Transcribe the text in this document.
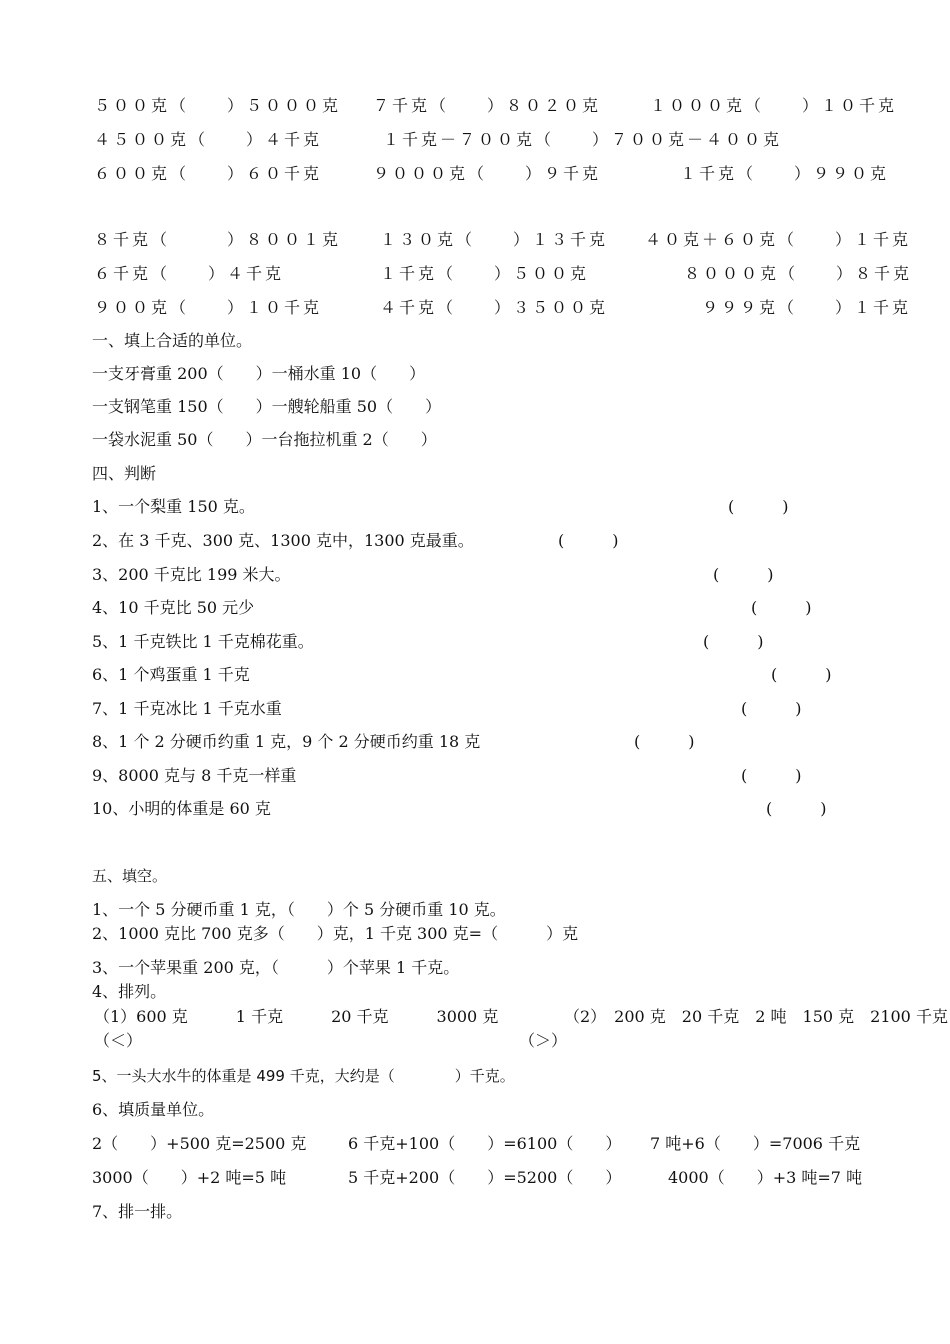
５００克（　　）５０００克 ７千克（　　）８０２０克	１０００克（　　）１０千克
４５００克（　　）４千克	１千克－７００克（　　）７００克－４００克
６００克（　　）６０千克	９０００克（　　）９千克	１千克（　　）９９０克
８千克（　　　）８００１克 １３０克（　　）１３千克 ４０克＋６０克（　　）１千克
６千克（　　）４千克	１千克（　　）５００克	８０００克（　　）８千克
９００克（　　）１０千克	４千克（　　）３５００克	９９９克（　　）１千克
一、填上合适的单位。
一支牙膏重 200（　　）一桶水重 10（　　）
一支钢笔重 150（　　）一艘轮船重 50（　　）
一袋水泥重 50（　　）一台拖拉机重 2（　　）
四、判断
1、一个梨重 150 克。	(　　　)
2、在 3 千克、300 克、1300 克中，1300 克最重。	(　　　)
3、200 千克比 199 米大。	(　　　)
4、10 千克比 50 元少	(　　　)
5、1 千克铁比 1 千克棉花重。	(　　　)
6、1 个鸡蛋重 1 千克	(　　　)
7、1 千克冰比 1 千克水重	(　　　)
8、1 个 2 分硬币约重 1 克，9 个 2 分硬币约重 18 克	(　　　)
9、8000 克与 8 千克一样重	(　　　)
10、小明的体重是 60 克	(　　　)
五、填空。
1、一个 5 分硬币重 1 克，（　　）个 5 分硬币重 10 克。
2、1000 克比 700 克多（　　）克，1 千克 300 克=（　　　）克
3、一个苹果重 200 克，（　　　）个苹果 1 千克。
4、排列。
（1）600 克　　　1 千克　　　20 千克　　　3000 克	（2）　200 克　20 千克　2 吨　150 克　2100 千克
（＜）	（＞）
5、一头大水牛的体重是 499 千克，大约是（　　　　）千克。
6、填质量单位。
2（　　）+500 克=2500 克	6 千克+100（　　）=6100（　　） 7 吨+6（　　）=7006 千克
3000（　　）+2 吨=5 吨	5 千克+200（　　）=5200（　　）	4000（　　）+3 吨=7 吨
7、排一排。
